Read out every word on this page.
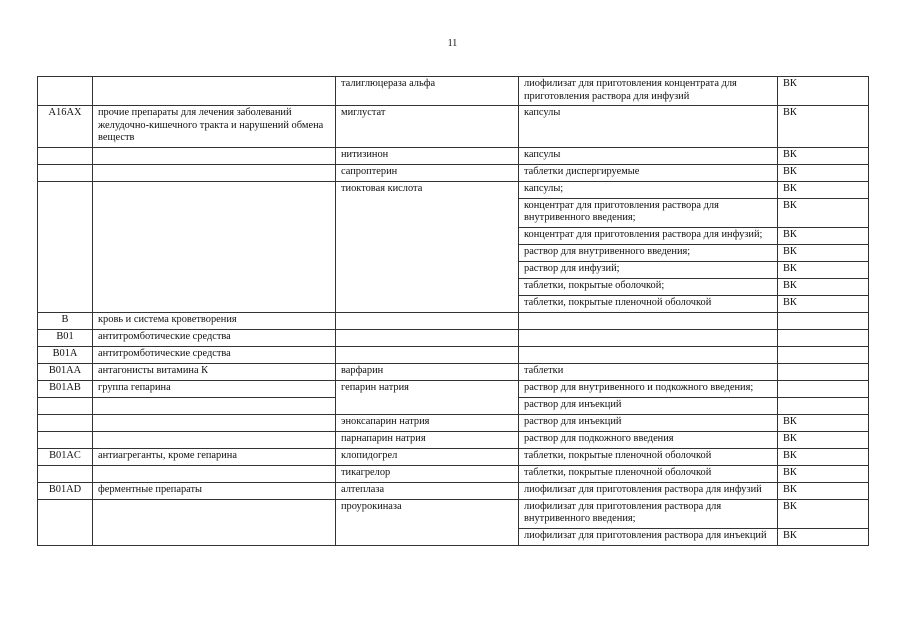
11
		талиглюцераза альфа	лиофилизат для приготовления концентрата для приготовления раствора для инфузий	ВК
A16AX	прочие препараты для лечения заболеваний желудочно-кишечного тракта и нарушений обмена веществ	миглустат	капсулы	ВК
		нитизинон	капсулы	ВК
		сапроптерин	таблетки диспергируемые	ВК
		тиоктовая кислота	капсулы;	ВК
			концентрат для приготовления раствора для внутривенного введения;	ВК
			концентрат для приготовления раствора для инфузий;	ВК
			раствор для внутривенного введения;	ВК
			раствор для инфузий;	ВК
			таблетки, покрытые оболочкой;	ВК
			таблетки, покрытые пленочной оболочкой	ВК
B	кровь и система кроветворения			
B01	антитромботические средства			
B01A	антитромботические средства			
B01AA	антагонисты витамина К	варфарин	таблетки	
B01AB	группа гепарина	гепарин натрия	раствор для внутривенного и подкожного введения;	
			раствор для инъекций	
		эноксапарин натрия	раствор для инъекций	ВК
		парнапарин натрия	раствор для подкожного введения	ВК
B01AC	антиагреганты, кроме гепарина	клопидогрел	таблетки, покрытые пленочной оболочкой	ВК
		тикагрелор	таблетки, покрытые пленочной оболочкой	ВК
B01AD	ферментные препараты	алтеплаза	лиофилизат для приготовления раствора для инфузий	ВК
		проурокиназа	лиофилизат для приготовления раствора для внутривенного введения;	ВК
			лиофилизат для приготовления раствора для инъекций	ВК
